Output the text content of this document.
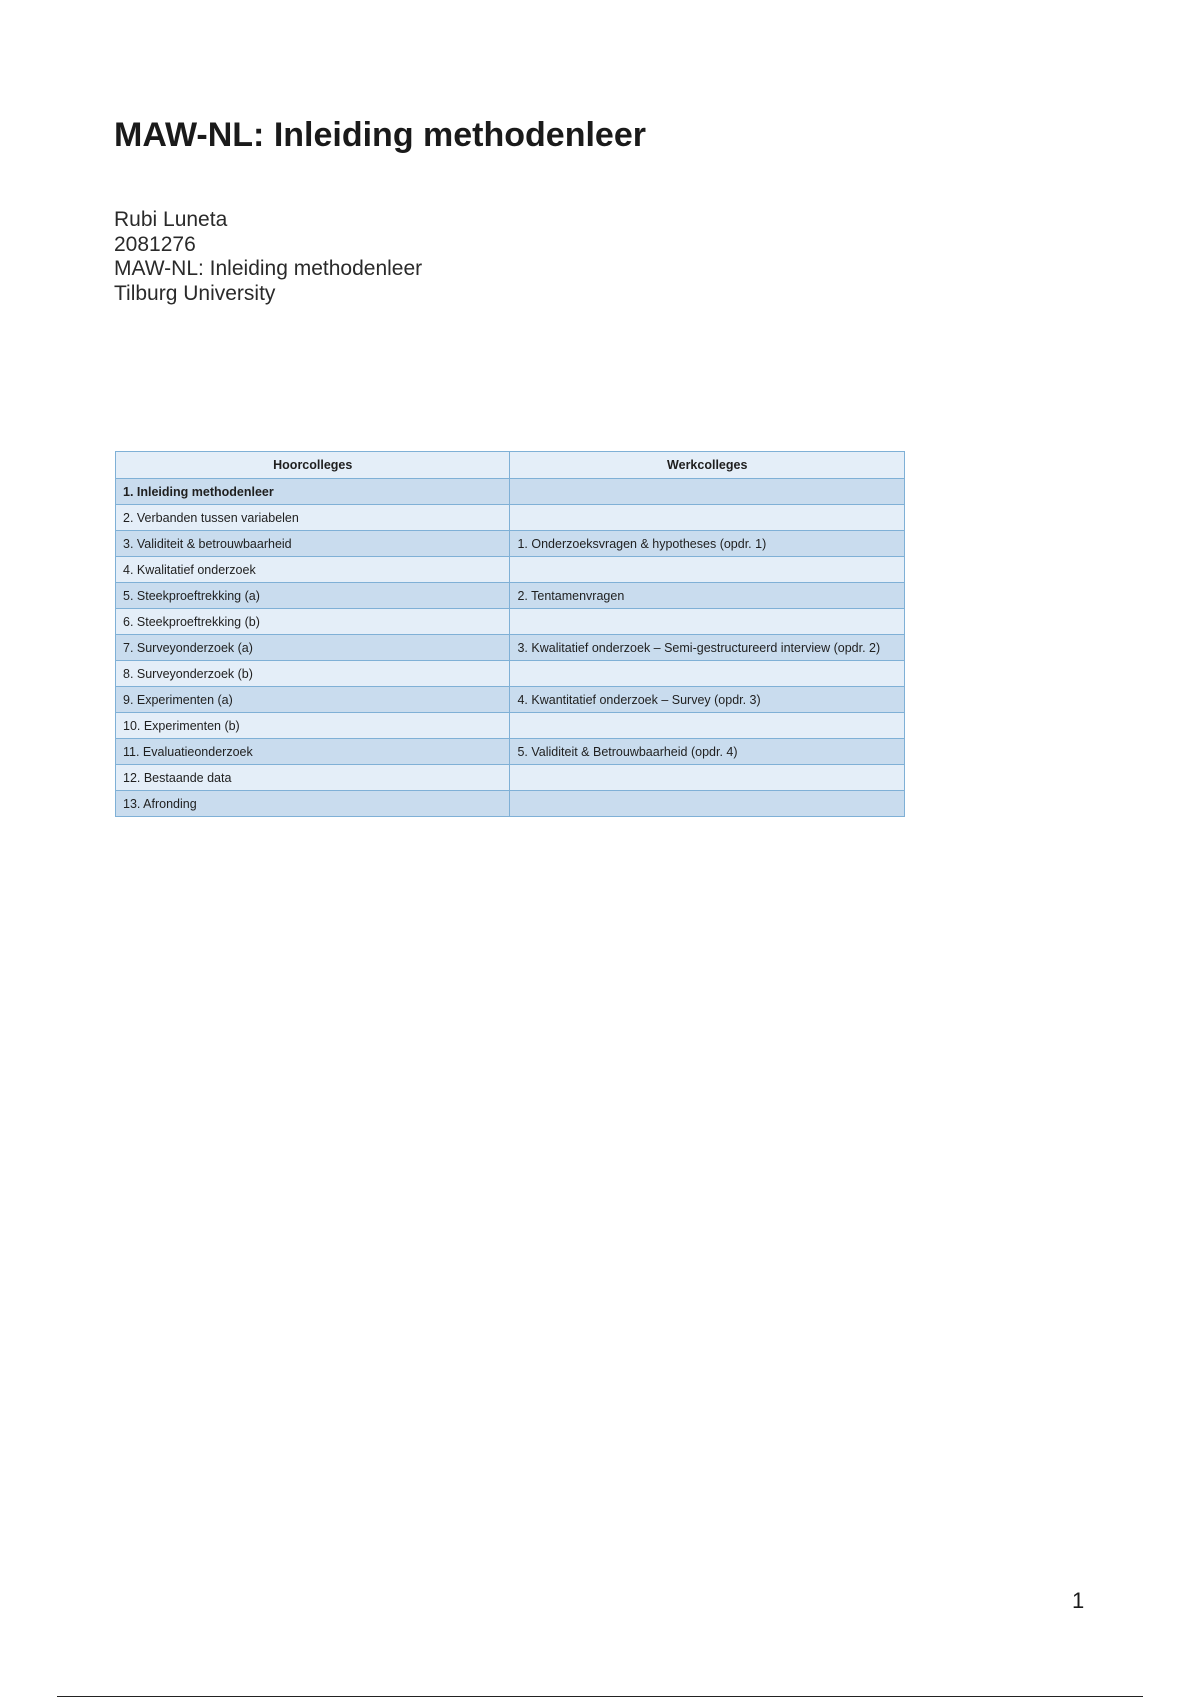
MAW-NL: Inleiding methodenleer
Rubi Luneta
2081276
MAW-NL: Inleiding methodenleer
Tilburg University
Hoorcolleges	Werkcolleges
1. Inleiding methodenleer	
2. Verbanden tussen variabelen	
3. Validiteit & betrouwbaarheid	1. Onderzoeksvragen & hypotheses (opdr. 1)
4. Kwalitatief onderzoek	
5. Steekproeftrekking (a)	2. Tentamenvragen
6. Steekproeftrekking (b)	
7. Surveyonderzoek (a)	3. Kwalitatief onderzoek – Semi-gestructureerd interview (opdr. 2)
8. Surveyonderzoek (b)	
9. Experimenten (a)	4. Kwantitatief onderzoek – Survey (opdr. 3)
10. Experimenten (b)	
11. Evaluatieonderzoek	5. Validiteit & Betrouwbaarheid (opdr. 4)
12. Bestaande data	
13. Afronding	
1
